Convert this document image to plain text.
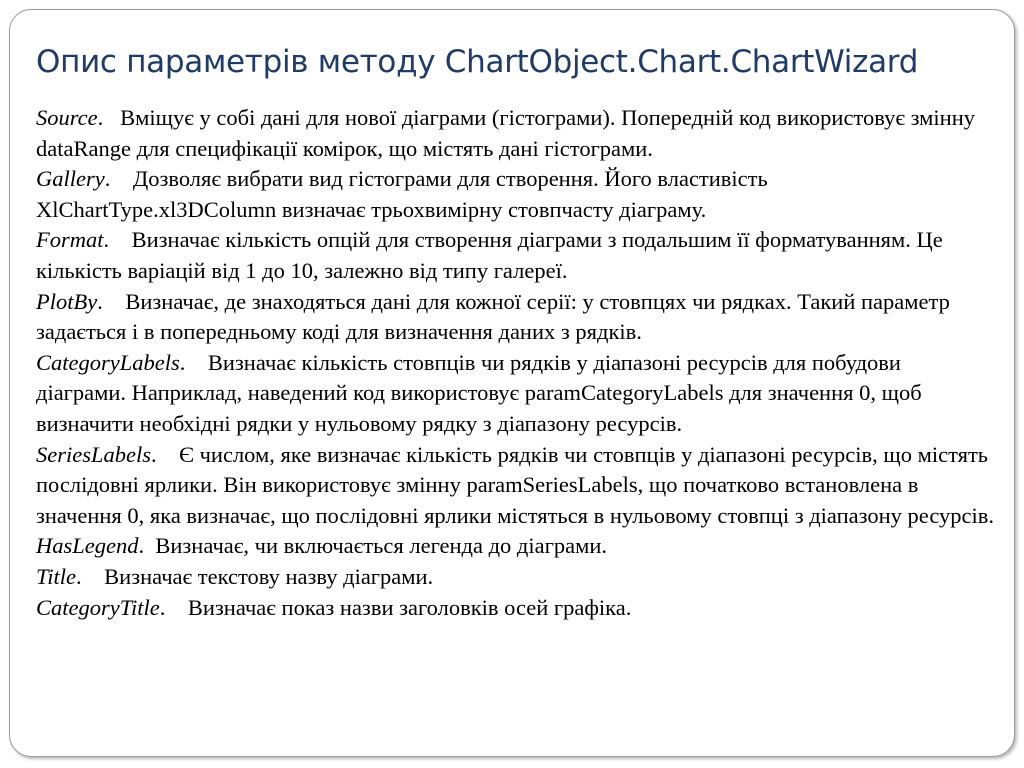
Опис параметрів методу ChartObject.Chart.ChartWizard

Source.   Вміщує у собі дані для нової діаграми (гістограми). Попередній код використовує змінну dataRange для специфікації комірок, що містять дані гістограми.

Gallery.    Дозволяє вибрати вид гістограми для створення. Його властивість XlChartType.xl3DColumn визначає трьохвимірну стовпчасту діаграму.

Format.    Визначає кількість опцій для створення діаграми з подальшим її форматуванням. Це кількість варіацій від 1 до 10, залежно від типу галереї.

PlotBy.    Визначає, де знаходяться дані для кожної серії: у стовпцях чи рядках. Такий параметр задається і в попередньому коді для визначення даних з рядків.

CategoryLabels.    Визначає кількість стовпців чи рядків у діапазоні ресурсів для побудови діаграми. Наприклад, наведений код використовує paramCategoryLabels для значення 0, щоб визначити необхідні рядки у нульовому рядку з діапазону ресурсів.

SeriesLabels.    Є числом, яке визначає кількість рядків чи стовпців у діапазоні ресурсів, що містять послідовні ярлики. Він використовує змінну paramSeriesLabels, що початково встановлена в значення 0, яка визначає, що послідовні ярлики містяться в нульовому стовпці з діапазону ресурсів.

HasLegend.  Визначає, чи включається легенда до діаграми.

Title.    Визначає текстову назву діаграми.

CategoryTitle.    Визначає показ назви заголовків осей графіка.
